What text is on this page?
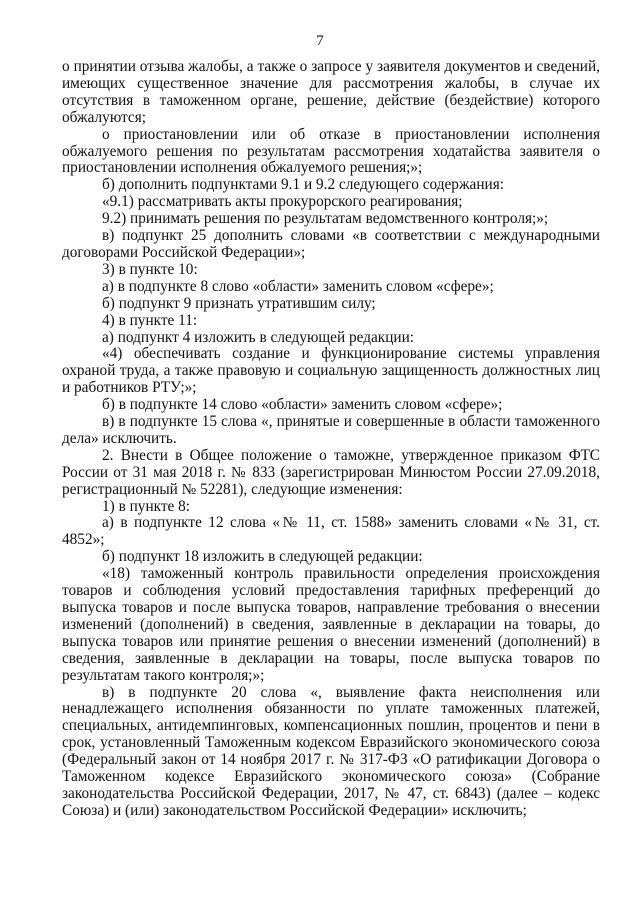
7

о принятии отзыва жалобы, а также о запросе у заявителя документов и сведений, имеющих существенное значение для рассмотрения жалобы, в случае их отсутствия в таможенном органе, решение, действие (бездействие) которого обжалуются;

о приостановлении или об отказе в приостановлении исполнения обжалуемого решения по результатам рассмотрения ходатайства заявителя о приостановлении исполнения обжалуемого решения;»;

б) дополнить подпунктами 9.1 и 9.2 следующего содержания:

«9.1) рассматривать акты прокурорского реагирования;

9.2) принимать решения по результатам ведомственного контроля;»;

в) подпункт 25 дополнить словами «в соответствии с международными договорами Российской Федерации»;

3) в пункте 10:

а) в подпункте 8 слово «области» заменить словом «сфере»;

б) подпункт 9 признать утратившим силу;

4) в пункте 11:

а) подпункт 4 изложить в следующей редакции:

«4) обеспечивать создание и функционирование системы управления охраной труда, а также правовую и социальную защищенность должностных лиц и работников РТУ;»;

б) в подпункте 14 слово «области» заменить словом «сфере»;

в) в подпункте 15 слова «, принятые и совершенные в области таможенного дела» исключить.

2. Внести в Общее положение о таможне, утвержденное приказом ФТС России от 31 мая 2018 г. № 833 (зарегистрирован Минюстом России 27.09.2018, регистрационный № 52281), следующие изменения:

1) в пункте 8:

а) в подпункте 12 слова «№ 11, ст. 1588» заменить словами «№ 31, ст. 4852»;

б) подпункт 18 изложить в следующей редакции:

«18) таможенный контроль правильности определения происхождения товаров и соблюдения условий предоставления тарифных преференций до выпуска товаров и после выпуска товаров, направление требования о внесении изменений (дополнений) в сведения, заявленные в декларации на товары, до выпуска товаров или принятие решения о внесении изменений (дополнений) в сведения, заявленные в декларации на товары, после выпуска товаров по результатам такого контроля;»;

в) в подпункте 20 слова «, выявление факта неисполнения или ненадлежащего исполнения обязанности по уплате таможенных платежей, специальных, антидемпинговых, компенсационных пошлин, процентов и пени в срок, установленный Таможенным кодексом Евразийского экономического союза (Федеральный закон от 14 ноября 2017 г. № 317-ФЗ «О ратификации Договора о Таможенном кодексе Евразийского экономического союза» (Собрание законодательства Российской Федерации, 2017, № 47, ст. 6843) (далее – кодекс Союза) и (или) законодательством Российской Федерации» исключить;
